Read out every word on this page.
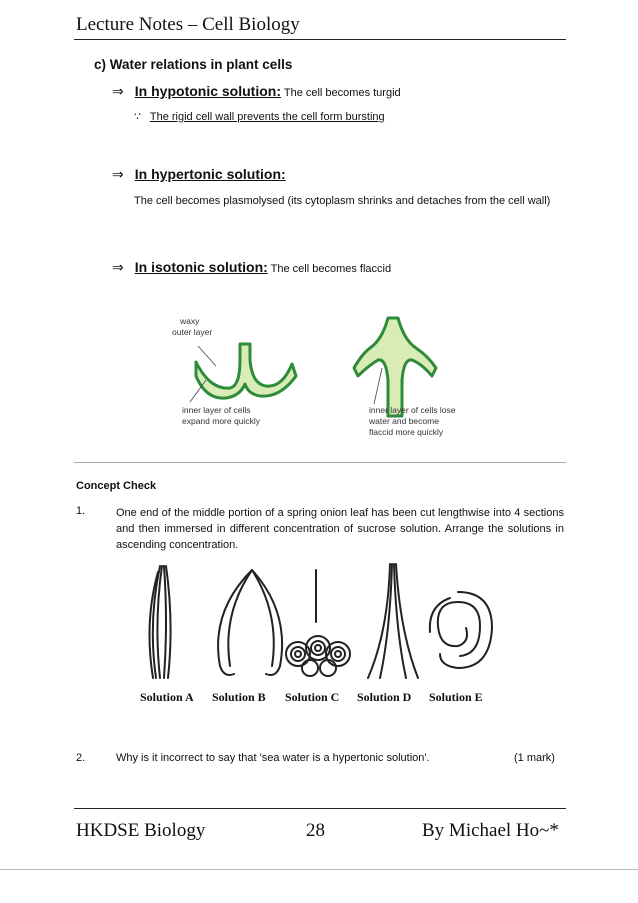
Lecture Notes – Cell Biology
c) Water relations in plant cells
⇒ In hypotonic solution: The cell becomes turgid
∵ The rigid cell wall prevents the cell form bursting
⇒ In hypertonic solution:
The cell becomes plasmolysed (its cytoplasm shrinks and detaches from the cell wall)
⇒ In isotonic solution: The cell becomes flaccid
waxy
outer layer
inner layer of cells
expand more quickly
inner layer of cells lose
water and become
flaccid more quickly
Concept Check
1.	One end of the middle portion of a spring onion leaf has been cut lengthwise into 4 sections and then immersed in different concentration of sucrose solution. Arrange the solutions in ascending concentration.
Solution A Solution B Solution C Solution D Solution E
2.	Why is it incorrect to say that 'sea water is a hypertonic solution'.	(1 mark)
HKDSE Biology	28	By Michael Ho~*
